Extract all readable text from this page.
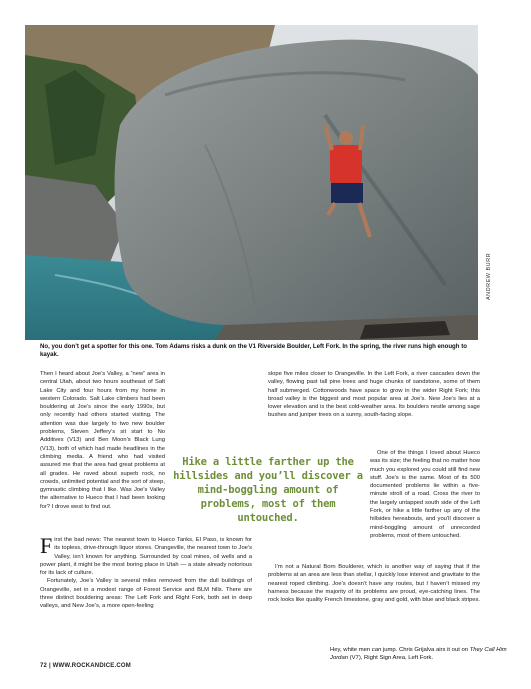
ANDREW BURR
No, you don’t get a spotter for this one. Tom Adams risks a dunk on the V1 Riverside Boulder, Left Fork. In the spring, the river runs high enough to kayak.

Then I heard about Joe’s Valley, a “new” area in central Utah, about two hours southeast of Salt Lake City and four hours from my home in western Colorado. Salt Lake climbers had been bouldering at Joe’s since the early 1990s, but only recently had others started visiting. The attention was due largely to two new boulder problems, Steven Jeffery’s sit start to No Additives (V13) and Ben Moon’s Black Lung (V13), both of which had made headlines in the climbing media. A friend who had visited assured me that the area had great problems at all grades. He raved about superb rock, no crowds, unlimited potential and the sort of steep, gymnastic climbing that I like. Was Joe’s Valley the alternative to Hueco that I had been looking for? I drove west to find out.

First the bad news: The nearest town to Hueco Tanks, El Paso, is known for its topless, drive-through liquor stores. Orangeville, the nearest town to Joe’s Valley, isn’t known for anything. Surrounded by coal mines, oil wells and a power plant, it might be the most boring place in Utah — a state already notorious for its lack of culture.

Fortunately, Joe’s Valley is several miles removed from the dull buildings of Orangeville, set in a modest range of Forest Service and BLM hills. There are three distinct bouldering areas: The Left Fork and Right Fork, both set in deep valleys, and New Joe’s, a more open-feeling

slope five miles closer to Orangeville. In the Left Fork, a river cascades down the valley, flowing past tall pine trees and huge chunks of sandstone, some of them half submerged. Cottonwoods have space to grow in the wider Right Fork; this broad valley is the biggest and most popular area at Joe’s. New Joe’s lies at a lower elevation and is the best cold-weather area. Its boulders nestle among sage bushes and juniper trees on a sunny, south-facing slope.

One of the things I loved about Hueco was its size; the feeling that no matter how much you explored you could still find new stuff. Joe’s is the same. Most of its 500 documented problems lie within a five-minute stroll of a road. Cross the river to the largely untapped south side of the Left Fork, or hike a little farther up any of the hillsides hereabouts, and you’ll discover a mind-boggling amount of unrecorded problems, most of them untouched.

I’m not a Natural Born Boulderer, which is another way of saying that if the problems at an area are less than stellar, I quickly lose interest and gravitate to the nearest roped climbing. Joe’s doesn’t have any routes, but I haven’t missed my harness because the majority of its problems are proud, eye-catching lines. The rock looks like quality French limestone, gray and gold, with blue and black stripes.

Hike a little farther up the hillsides and you’ll discover a mind-boggling amount of problems, most of them untouched.
Hey, white men can jump. Chris Grijalva airs it out on They Call Him Jordan (V7), Right Sign Area, Left Fork.
72 | WWW.ROCKANDICE.COM
